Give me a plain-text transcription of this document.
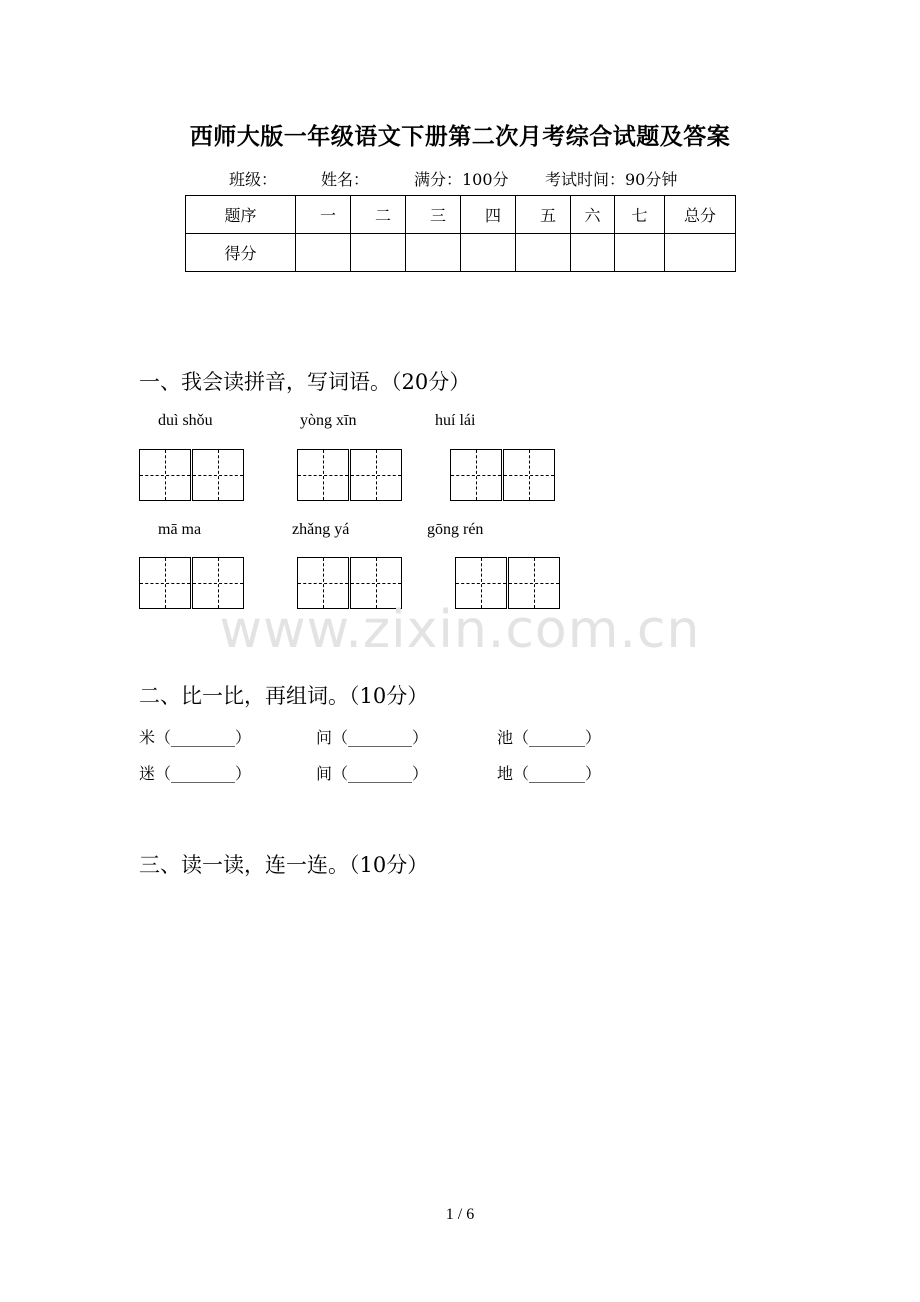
西师大版一年级语文下册第二次月考综合试题及答案
班级：	姓名：	满分：100分 考试时间：90分钟
题序	一	二	三	四	五	六	七	总分
得分								
一、我会读拼音，写词语。（20分）
duì shǒu	yòng xīn	huí lái
mā ma	zhǎng yá	gōng rén
www.zixin.com.cn
二、比一比，再组词。（10分）
米（________）	问（________）	池（_______）
迷（________）	间（________）	地（_______）
三、读一读，连一连。（10分）
1 / 6
